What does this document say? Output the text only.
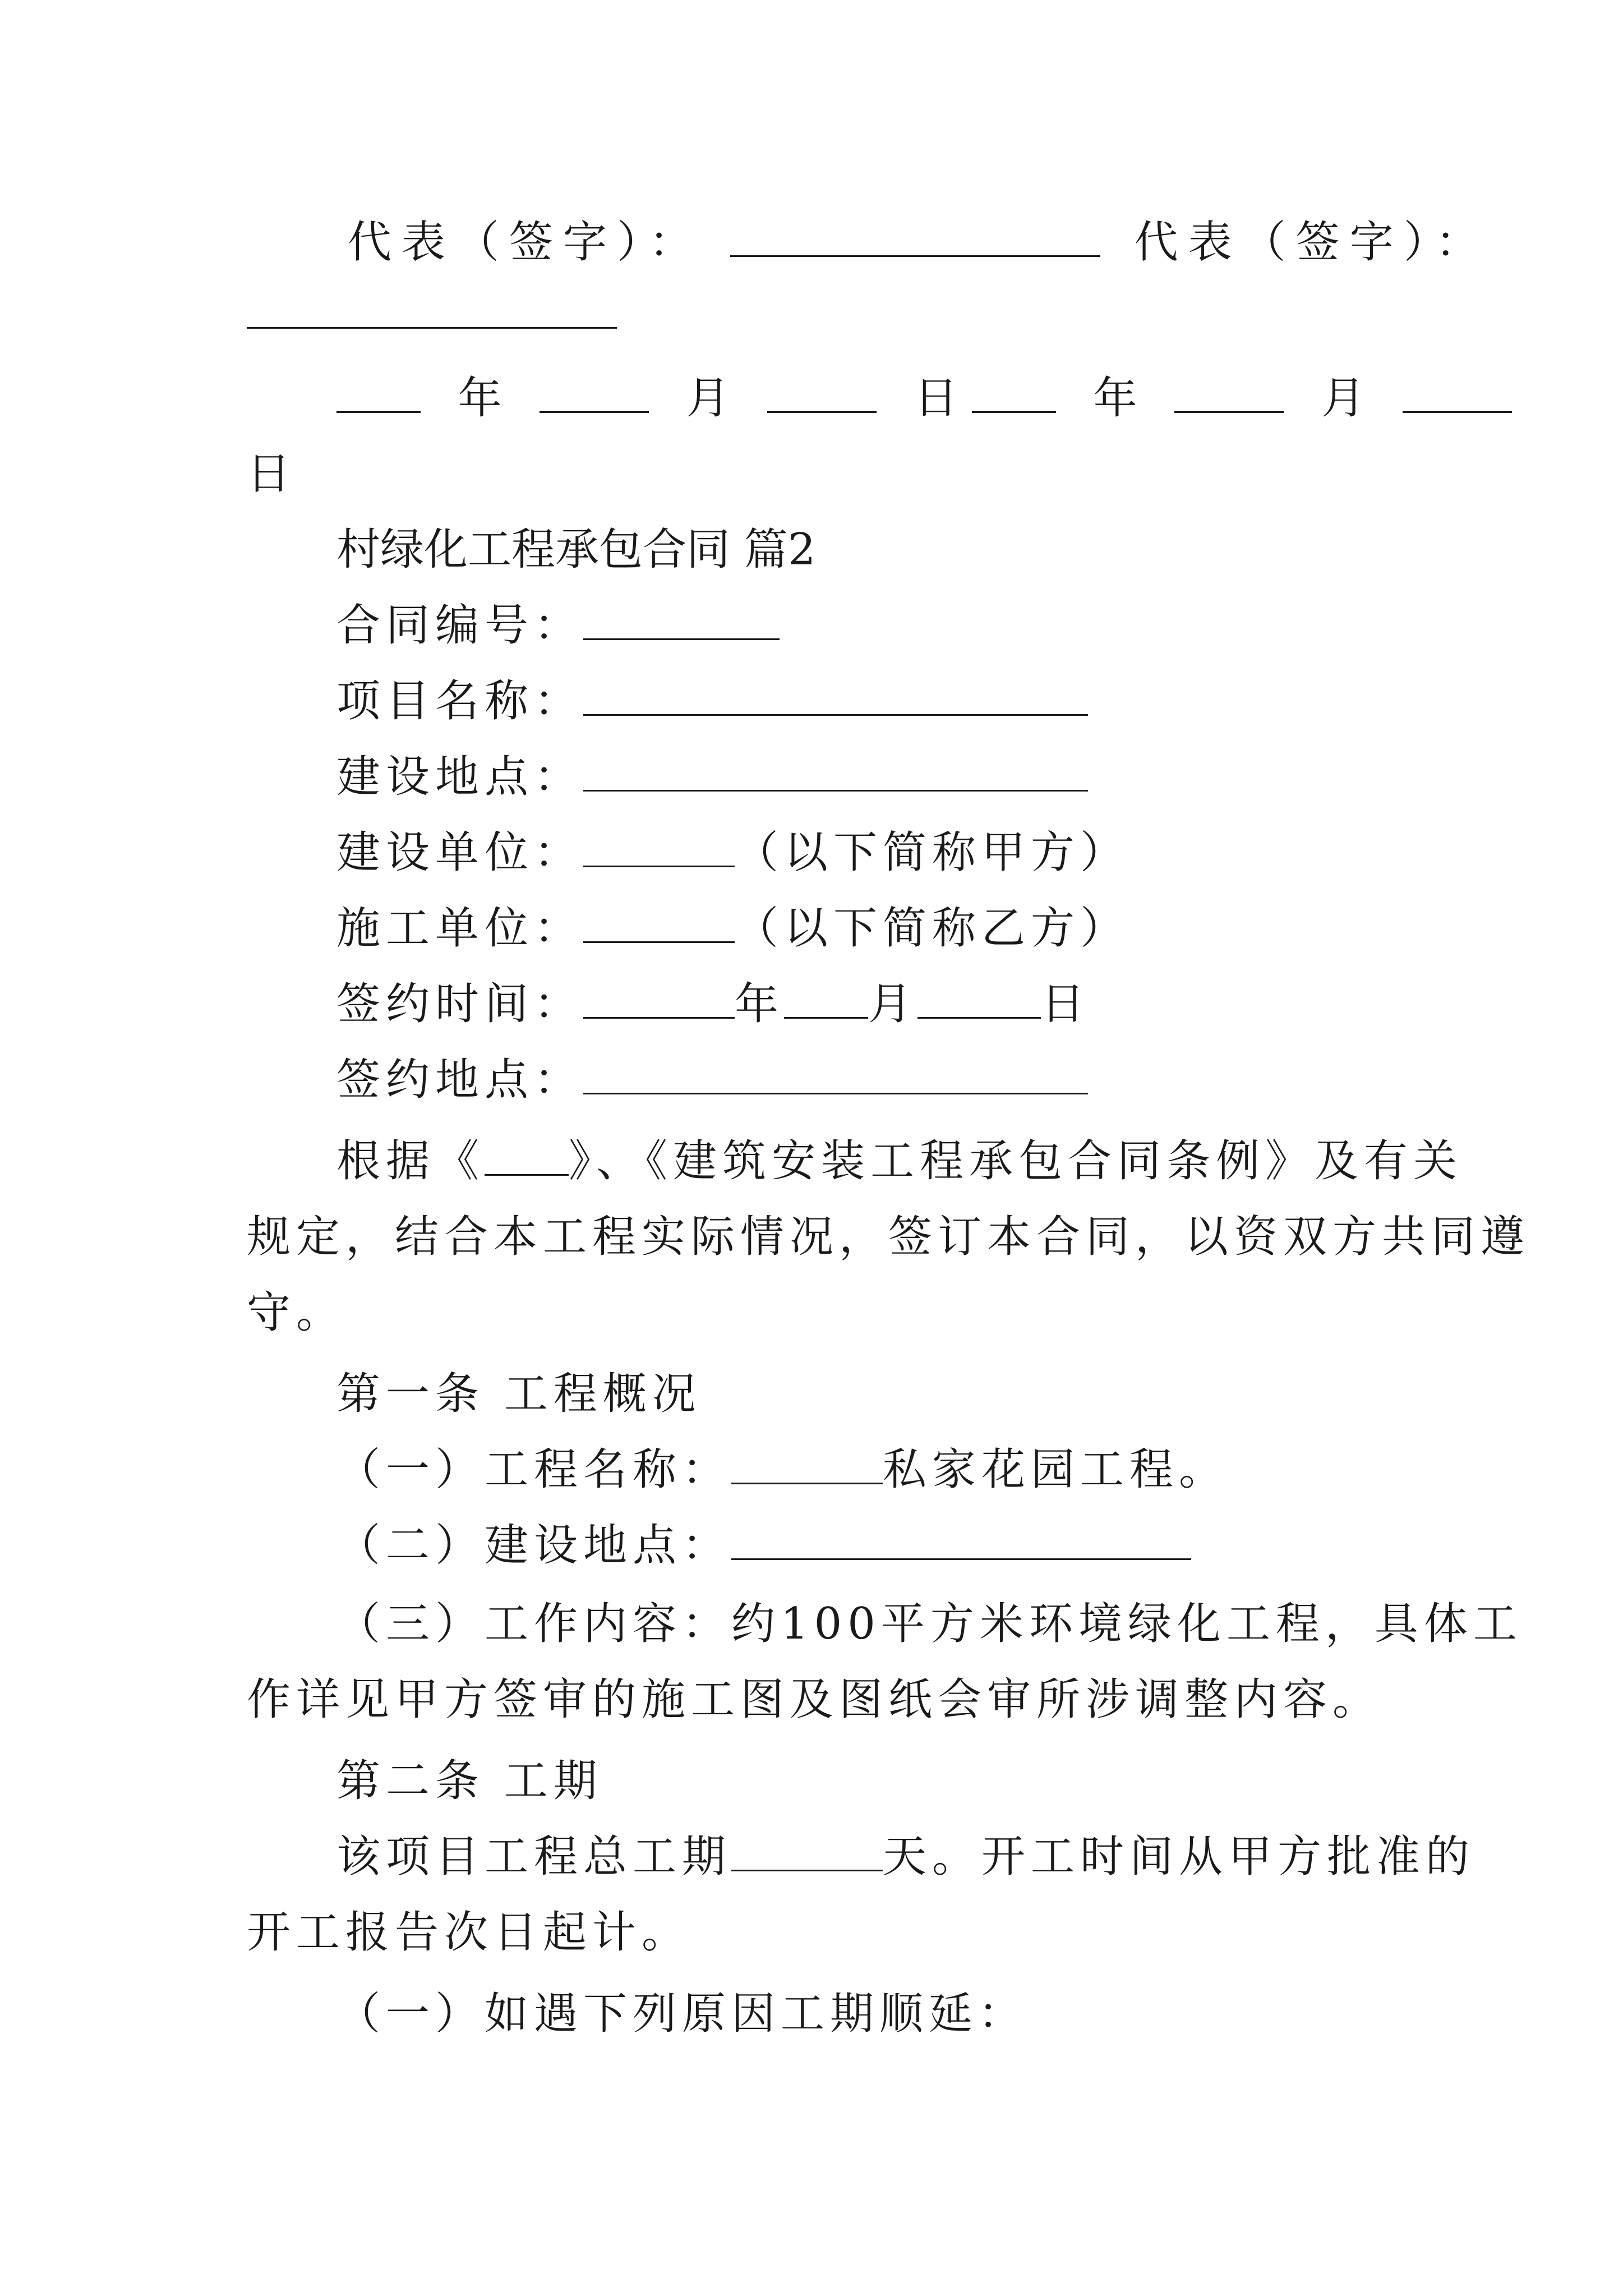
代表（签字）：	代表（签字）：
年	月	日	年	月
日
村绿化工程承包合同 篇2
合同编号：
项目名称：
建设地点：
建设单位：	（以下简称甲方）
施工单位：	（以下简称乙方）
签约时间：	年 月	日
签约地点：
根据《 》、《建筑安装工程承包合同条例》及有关
规定，结合本工程实际情况，签订本合同，以资双方共同遵
守。
第一条 工程概况
（一）工程名称：	私家花园工程。
（二）建设地点：
（三）工作内容：约100平方米环境绿化工程，具体工
作详见甲方签审的施工图及图纸会审所涉调整内容。
第二条 工期
该项目工程总工期	天。开工时间从甲方批准的
开工报告次日起计。
（一）如遇下列原因工期顺延：
